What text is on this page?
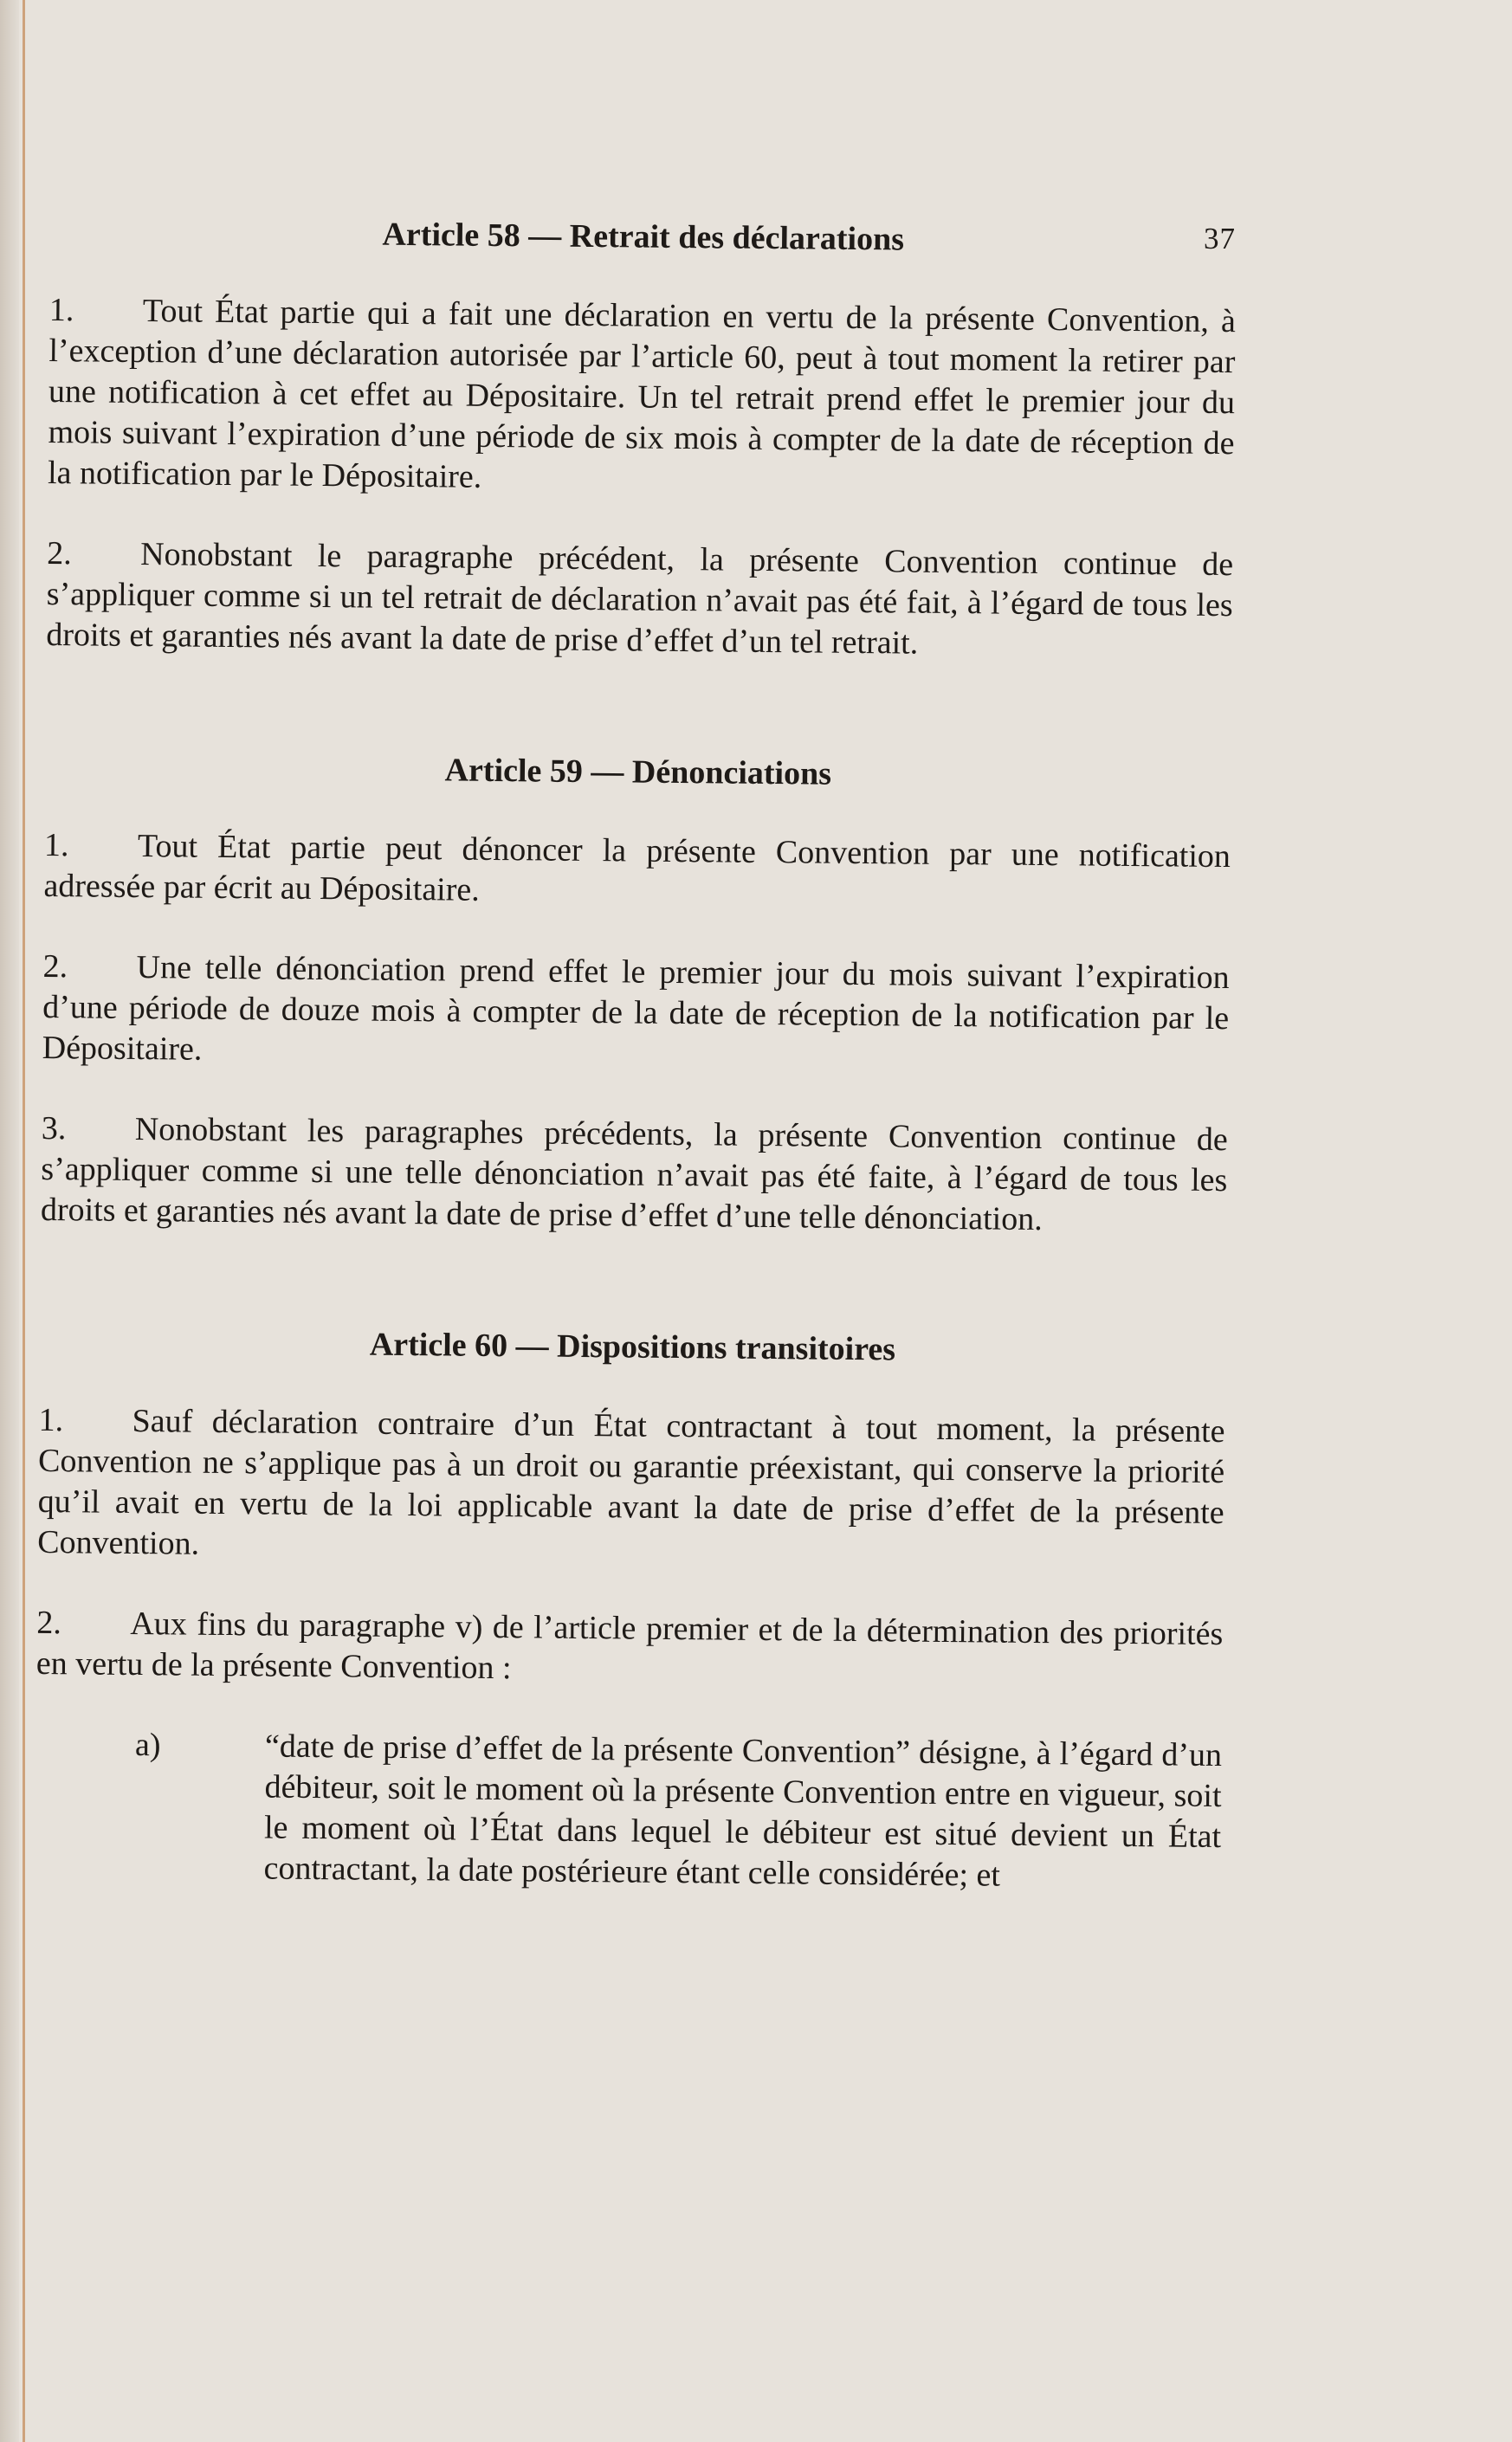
37
Article 58 — Retrait des déclarations

1. Tout État partie qui a fait une déclaration en vertu de la présente Convention, à l’exception d’une déclaration autorisée par l’article 60, peut à tout moment la retirer par une notification à cet effet au Dépositaire. Un tel retrait prend effet le premier jour du mois suivant l’expiration d’une période de six mois à compter de la date de réception de la notification par le Dépositaire.

2. Nonobstant le paragraphe précédent, la présente Convention continue de s’appliquer comme si un tel retrait de déclaration n’avait pas été fait, à l’égard de tous les droits et garanties nés avant la date de prise d’effet d’un tel retrait.

Article 59 — Dénonciations

1. Tout État partie peut dénoncer la présente Convention par une notification adressée par écrit au Dépositaire.

2. Une telle dénonciation prend effet le premier jour du mois suivant l’expiration d’une période de douze mois à compter de la date de réception de la notification par le Dépositaire.

3. Nonobstant les paragraphes précédents, la présente Convention continue de s’appliquer comme si une telle dénonciation n’avait pas été faite, à l’égard de tous les droits et garanties nés avant la date de prise d’effet d’une telle dénonciation.

Article 60 — Dispositions transitoires

1. Sauf déclaration contraire d’un État contractant à tout moment, la présente Convention ne s’applique pas à un droit ou garantie préexistant, qui conserve la priorité qu’il avait en vertu de la loi applicable avant la date de prise d’effet de la présente Convention.

2. Aux fins du paragraphe v) de l’article premier et de la détermination des priorités en vertu de la présente Convention :

a)	“date de prise d’effet de la présente Convention” désigne, à l’égard d’un débiteur, soit le moment où la présente Convention entre en vigueur, soit le moment où l’État dans lequel le débiteur est situé devient un État contractant, la date postérieure étant celle considérée; et
